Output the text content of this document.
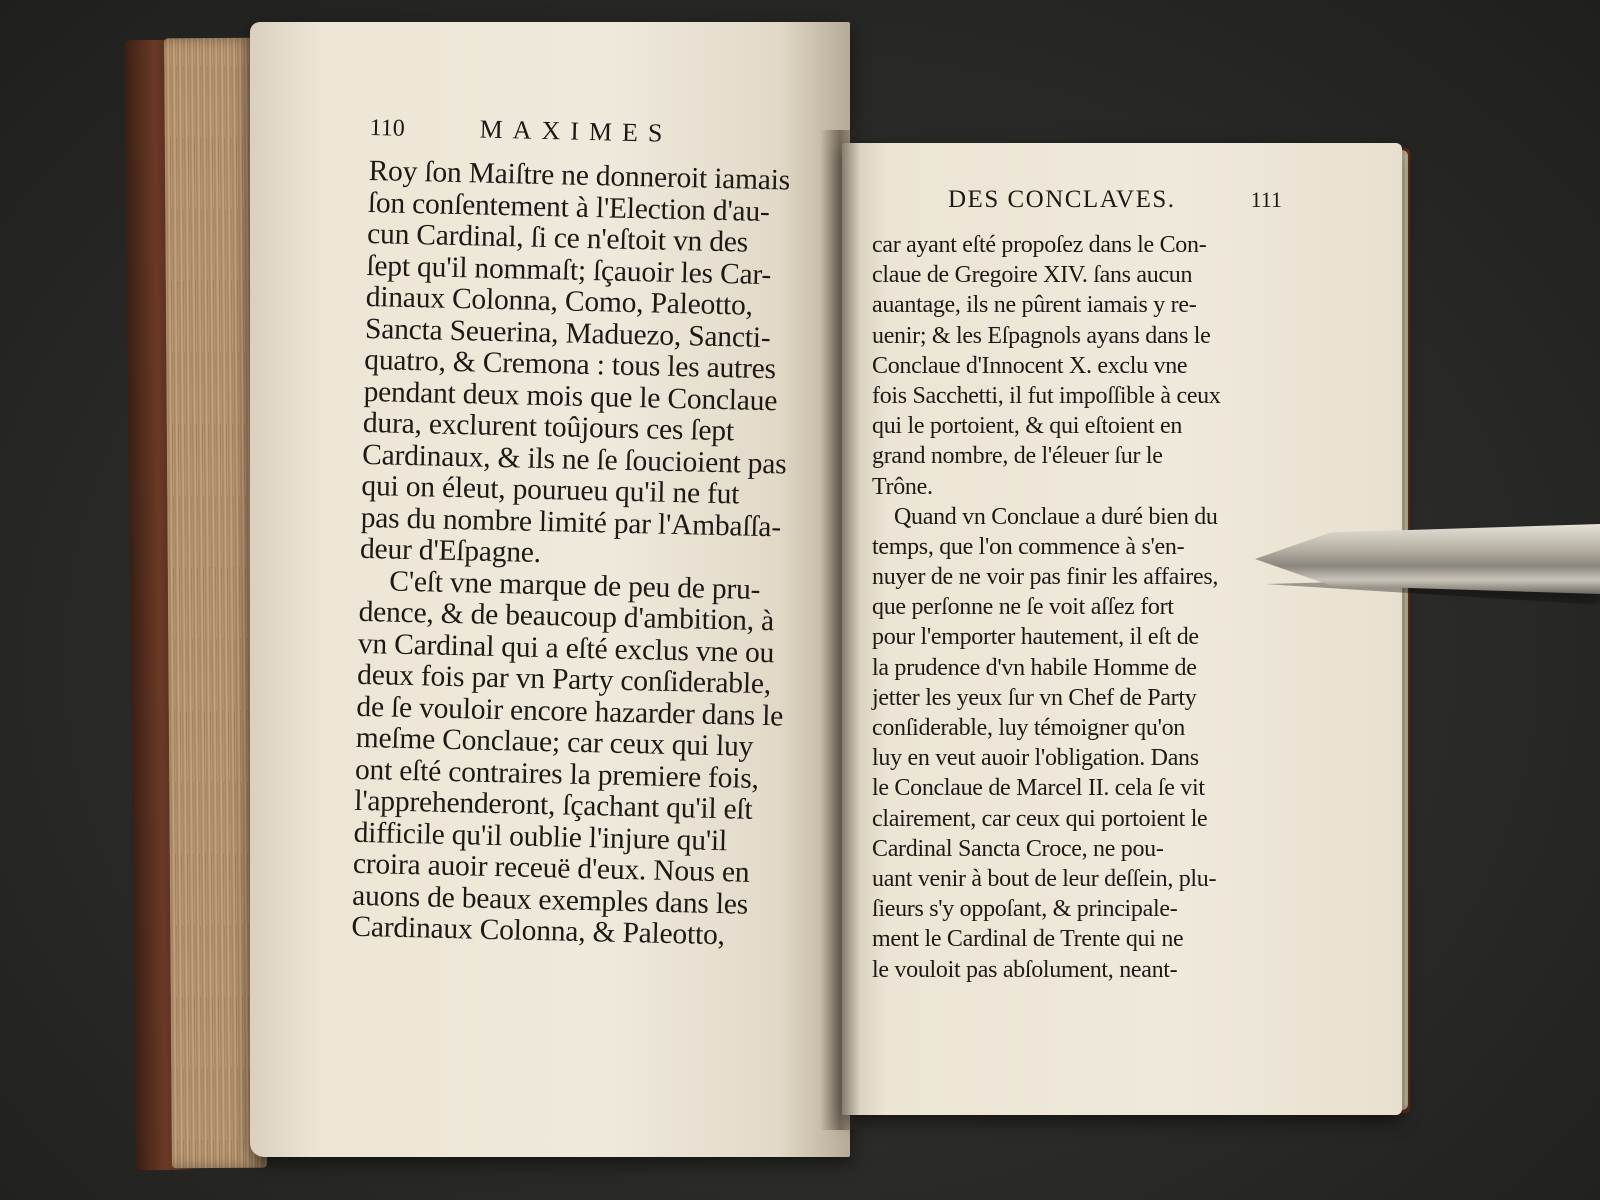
110	MAXIMES
Roy ſon Maiſtre ne donneroit iamais
ſon conſentement à l'Election d'au-
cun Cardinal, ſi ce n'eſtoit vn des
ſept qu'il nommaſt; ſçauoir les Car-
dinaux Colonna, Como, Paleotto,
Sancta Seuerina, Maduezo, Sancti-
quatro, & Cremona : tous les autres
pendant deux mois que le Conclaue
dura, exclurent toûjours ces ſept
Cardinaux, & ils ne ſe ſoucioient pas
qui on éleut, pourueu qu'il ne fut
pas du nombre limité par l'Ambaſſa-
deur d'Eſpagne.
C'eſt vne marque de peu de pru-
dence, & de beaucoup d'ambition, à
vn Cardinal qui a eſté exclus vne ou
deux fois par vn Party conſiderable,
de ſe vouloir encore hazarder dans le
meſme Conclaue; car ceux qui luy
ont eſté contraires la premiere fois,
l'apprehenderont, ſçachant qu'il eſt
difficile qu'il oublie l'injure qu'il
croira auoir receuë d'eux. Nous en
auons de beaux exemples dans les
Cardinaux Colonna, & Paleotto,
DES CONCLAVES.	111
car ayant eſté propoſez dans le Con-
claue de Gregoire XIV. ſans aucun
auantage, ils ne pûrent iamais y re-
uenir; & les Eſpagnols ayans dans le
Conclaue d'Innocent X. exclu vne
fois Sacchetti, il fut impoſſible à ceux
qui le portoient, & qui eſtoient en
grand nombre, de l'éleuer ſur le
Trône.
Quand vn Conclaue a duré bien du
temps, que l'on commence à s'en-
nuyer de ne voir pas finir les affaires,
que perſonne ne ſe voit aſſez fort
pour l'emporter hautement, il eſt de
la prudence d'vn habile Homme de
jetter les yeux ſur vn Chef de Party
conſiderable, luy témoigner qu'on
luy en veut auoir l'obligation. Dans
le Conclaue de Marcel II. cela ſe vit
clairement, car ceux qui portoient le
Cardinal Sancta Croce, ne pou-
uant venir à bout de leur deſſein, plu-
ſieurs s'y oppoſant, & principale-
ment le Cardinal de Trente qui ne
le vouloit pas abſolument, neant-
